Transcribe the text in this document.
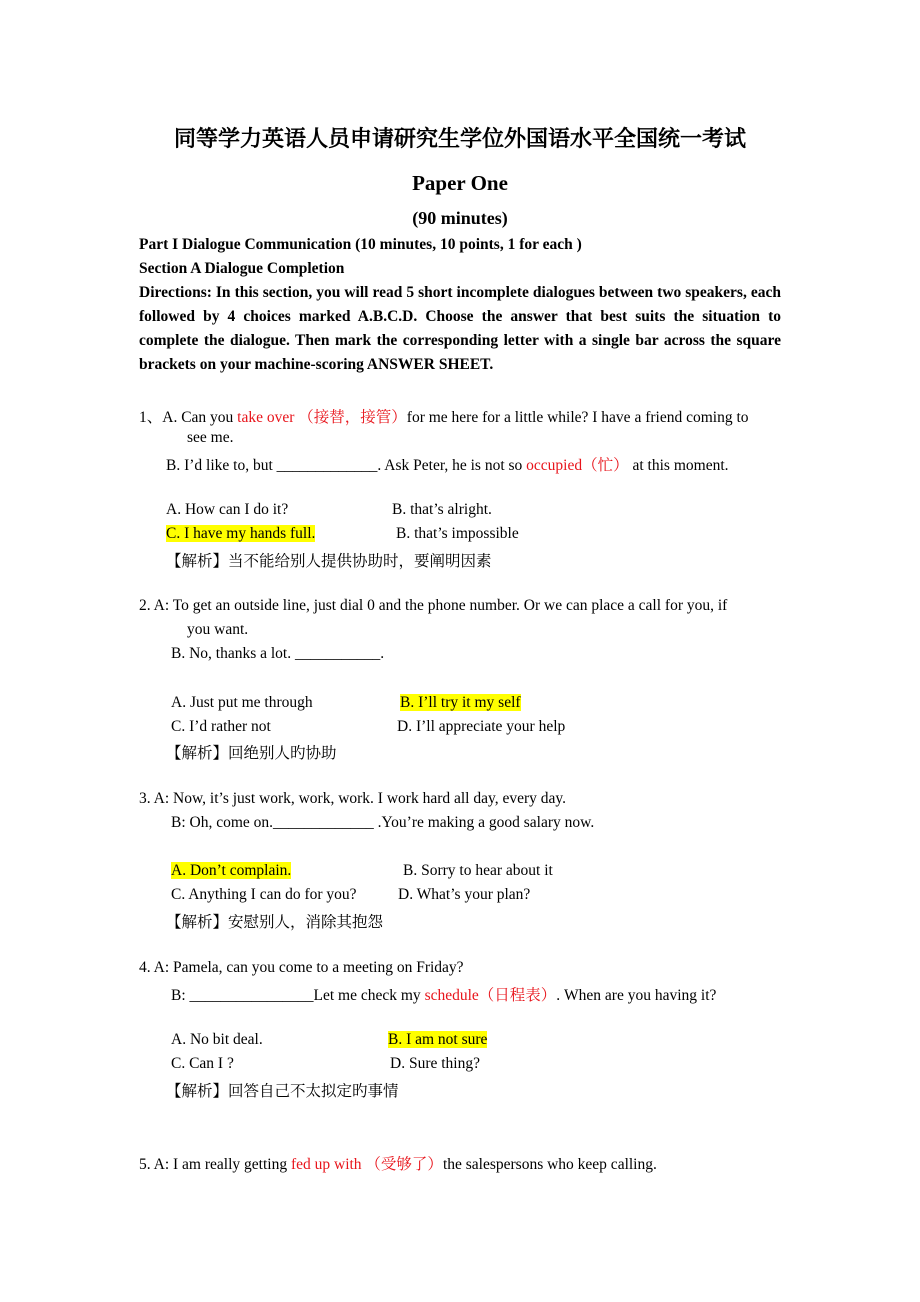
同等学力英语人员申请研究生学位外国语水平全国统一考试
Paper One
(90 minutes)
Part I Dialogue Communication (10 minutes, 10 points, 1 for each )
Section A Dialogue Completion
Directions: In this section, you will read 5 short incomplete dialogues between two speakers, each followed by 4 choices marked A.B.C.D. Choose the answer that best suits the situation to complete the dialogue. Then mark the corresponding letter with a single bar across the square brackets on your machine-scoring ANSWER SHEET.
1、A. Can you take over （接替，接管）for me here for a little while? I have a friend coming to
see me.
B. I’d like to, but _____________. Ask Peter, he is not so occupied（忙） at this moment.
A. How can I do it?	B. that’s alright.
C. I have my hands full.	B. that’s impossible
【解析】当不能给别人提供协助时，要阐明因素
2. A: To get an outside line, just dial 0 and the phone number. Or we can place a call for you, if
you want.
B. No, thanks a lot. ___________.
A. Just put me through	B. I’ll try it my self
C. I’d rather not	D. I’ll appreciate your help
【解析】回绝别人旳协助
3. A: Now, it’s just work, work, work. I work hard all day, every day.
B: Oh, come on._____________ .You’re making a good salary now.
A. Don’t complain.	B. Sorry to hear about it
C. Anything I can do for you?	D. What’s your plan?
【解析】安慰别人，消除其抱怨
4. A: Pamela, can you come to a meeting on Friday?
B: ________________Let me check my schedule（日程表）. When are you having it?
A. No bit deal.	B. I am not sure
C. Can I ?	D. Sure thing?
【解析】回答自己不太拟定旳事情
5. A: I am really getting fed up with （受够了）the salespersons who keep calling.
